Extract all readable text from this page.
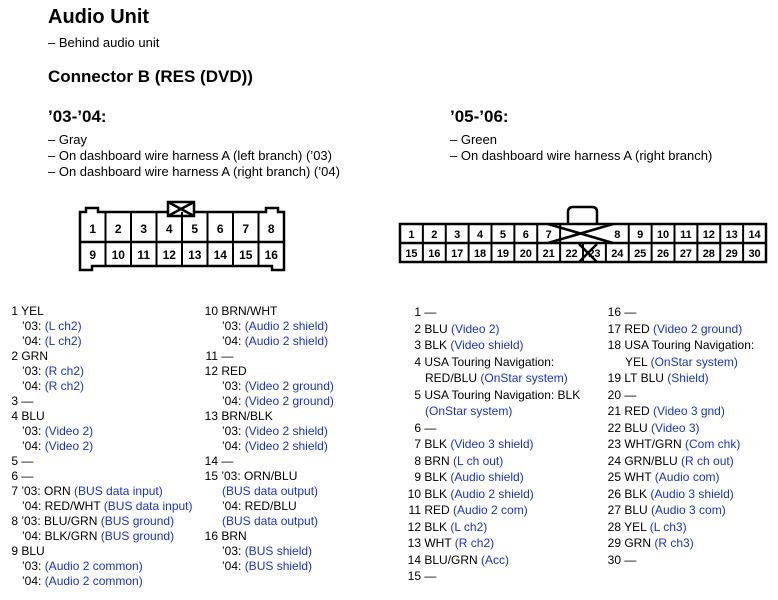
Audio Unit
– Behind audio unit
Connector B (RES (DVD))
’03-’04:
– Gray
– On dashboard wire harness A (left branch) (’03)
– On dashboard wire harness A (right branch) (’04)
’05-’06:
– Green
– On dashboard wire harness A (right branch)
1 2 3 4 5 6 7 8
9 10 11 12 13 14 15 16
1 2 3 4 5 6 7	8 9 10 11 12 13 14
15 16 17 18 19 20 21 22 23 24 25 26 27 28 29 30
1 YEL
’03: (L ch2)
’04: (L ch2)
2 GRN
’03: (R ch2)
’04: (R ch2)
3 —
4 BLU
’03: (Video 2)
’04: (Video 2)
5 —
6 —
7 ’03: ORN (BUS data input)
’04: RED/WHT (BUS data input)
8 ’03: BLU/GRN (BUS ground)
’04: BLK/GRN (BUS ground)
9 BLU
’03: (Audio 2 common)
’04: (Audio 2 common)
10 BRN/WHT
’03: (Audio 2 shield)
’04: (Audio 2 shield)
11 —
12 RED
’03: (Video 2 ground)
’04: (Video 2 ground)
13 BRN/BLK
’03: (Video 2 shield)
’04: (Video 2 shield)
14 —
15 ’03: ORN/BLU
(BUS data output)
’04: RED/BLU
(BUS data output)
16 BRN
’03: (BUS shield)
’04: (BUS shield)
1 —
2 BLU (Video 2)
3 BLK (Video shield)
4 USA Touring Navigation:
RED/BLU (OnStar system)
5 USA Touring Navigation: BLK
(OnStar system)
6 —
7 BLK (Video 3 shield)
8 BRN (L ch out)
9 BLK (Audio shield)
10 BLK (Audio 2 shield)
11 RED (Audio 2 com)
12 BLK (L ch2)
13 WHT (R ch2)
14 BLU/GRN (Acc)
15 —
16 —
17 RED (Video 2 ground)
18 USA Touring Navigation:
YEL (OnStar system)
19 LT BLU (Shield)
20 —
21 RED (Video 3 gnd)
22 BLU (Video 3)
23 WHT/GRN (Com chk)
24 GRN/BLU (R ch out)
25 WHT (Audio com)
26 BLK (Audio 3 shield)
27 BLU (Audio 3 com)
28 YEL (L ch3)
29 GRN (R ch3)
30 —
